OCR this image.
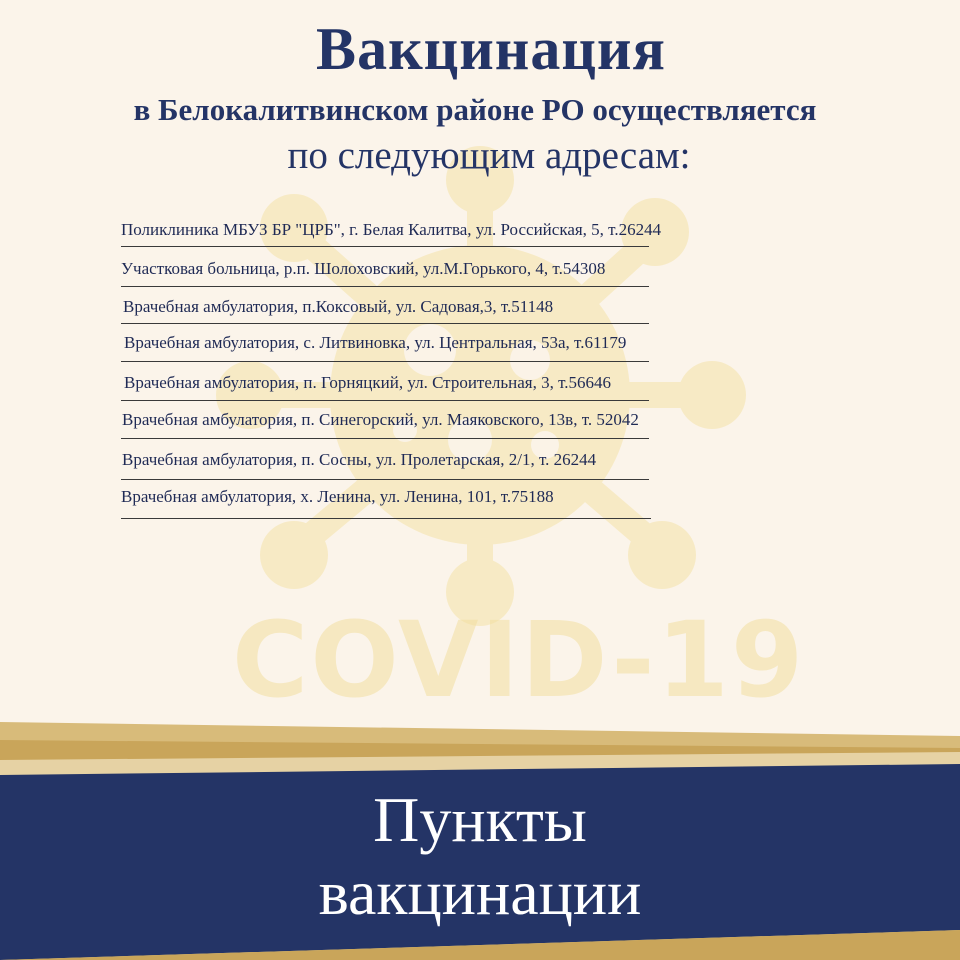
COVID-19
Вакцинация
в Белокалитвинском районе РО осуществляется
по следующим адресам:
Поликлиника МБУЗ БР "ЦРБ", г. Белая Калитва, ул. Российская, 5, т.26244
Участковая больница, р.п. Шолоховский, ул.М.Горького, 4, т.54308
Врачебная амбулатория, п.Коксовый, ул. Садовая,3, т.51148
Врачебная амбулатория, с. Литвиновка, ул. Центральная, 53а, т.61179
Врачебная амбулатория, п. Горняцкий, ул. Строительная, 3, т.56646
Врачебная амбулатория, п. Синегорский, ул. Маяковского, 13в, т. 52042
Врачебная амбулатория, п. Сосны, ул. Пролетарская, 2/1, т. 26244
Врачебная амбулатория, х. Ленина, ул. Ленина, 101, т.75188
Пункты
вакцинации
